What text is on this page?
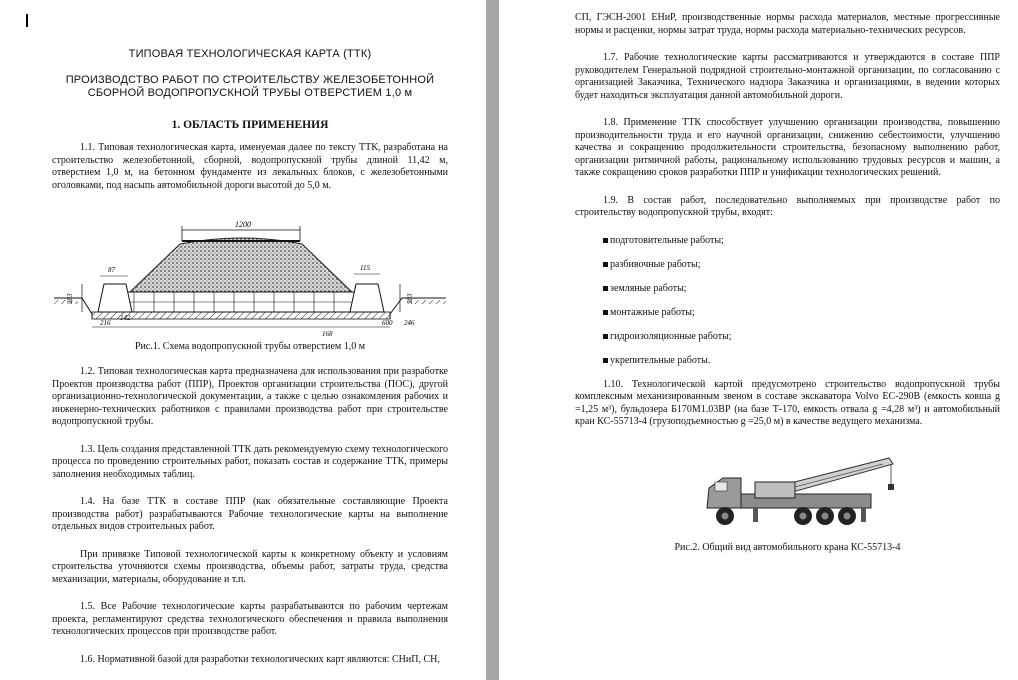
ТИПОВАЯ ТЕХНОЛОГИЧЕСКАЯ КАРТА (ТТК)
ПРОИЗВОДСТВО РАБОТ ПО СТРОИТЕЛЬСТВУ ЖЕЛЕЗОБЕТОННОЙ СБОРНОЙ ВОДОПРОПУСКНОЙ ТРУБЫ ОТВЕРСТИЕМ 1,0 м
1. ОБЛАСТЬ ПРИМЕНЕНИЯ

1.1. Типовая технологическая карта, именуемая далее по тексту ТТК, разработана на строительство железобетонной, сборной, водопропускной трубы длиной 11,42 м, отверстием 1,0 м, на бетонном фундаменте из лекальных блоков, с железобетонными оголовками, под насыпь автомобильной дороги высотой до 5,0 м.

1200
203	203
87	115
216
142
600 246
168
Рис.1. Схема водопропускной трубы отверстием 1,0 м

1.2. Типовая технологическая карта предназначена для использования при разработке Проектов производства работ (ППР), Проектов организации строительства (ПОС), другой организационно-технологической документации, а также с целью ознакомления рабочих и инженерно-технических работников с правилами производства работ при строительстве водопропускной трубы.

1.3. Цель создания представленной ТТК дать рекомендуемую схему технологического процесса по проведению строительных работ, показать состав и содержание ТТК, примеры заполнения необходимых таблиц.

1.4. На базе ТТК в составе ППР (как обязательные составляющие Проекта производства работ) разрабатываются Рабочие технологические карты на выполнение отдельных видов строительных работ.

При привязке Типовой технологической карты к конкретному объекту и условиям строительства уточняются схемы производства, объемы работ, затраты труда, средства механизации, материалы, оборудование и т.п.

1.5. Все Рабочие технологические карты разрабатываются по рабочим чертежам проекта, регламентируют средства технологического обеспечения и правила выполнения технологических процессов при производстве работ.

1.6. Нормативной базой для разработки технологических карт являются: СНиП, СН,

СП, ГЭСН-2001 ЕНиР, производственные нормы расхода материалов, местные прогрессивные нормы и расценки, нормы затрат труда, нормы расхода материально-технических ресурсов.

1.7. Рабочие технологические карты рассматриваются и утверждаются в составе ППР руководителем Генеральной подрядной строительно-монтажной организации, по согласованию с организацией Заказчика, Технического надзора Заказчика и организациями, в ведении которых будет находиться эксплуатация данной автомобильной дороги.

1.8. Применение ТТК способствует улучшению организации производства, повышению производительности труда и его научной организации, снижению себестоимости, улучшению качества и сокращению продолжительности строительства, безопасному выполнению работ, организации ритмичной работы, рациональному использованию трудовых ресурсов и машин, а также сокращению сроков разработки ППР и унификации технологических решений.

1.9. В состав работ, последовательно выполняемых при производстве работ по строительству водопропускной трубы, входят:

подготовительные работы;
разбивочные работы;
земляные работы;
монтажные работы;
гидроизоляционные работы;
укрепительные работы.

1.10. Технологической картой предусмотрено строительство водопропускной трубы комплексным механизированным звеном в составе экскаватора Volvo EC-290B (емкость ковша g =1,25 м³), бульдозера Б170М1.03ВР (на базе Т-170, емкость отвала g =4,28 м³) и автомобильный кран КС-55713-4 (грузоподъемностью g =25,0 м) в качестве ведущего механизма.

Рис.2. Общий вид автомобильного крана КС-55713-4
